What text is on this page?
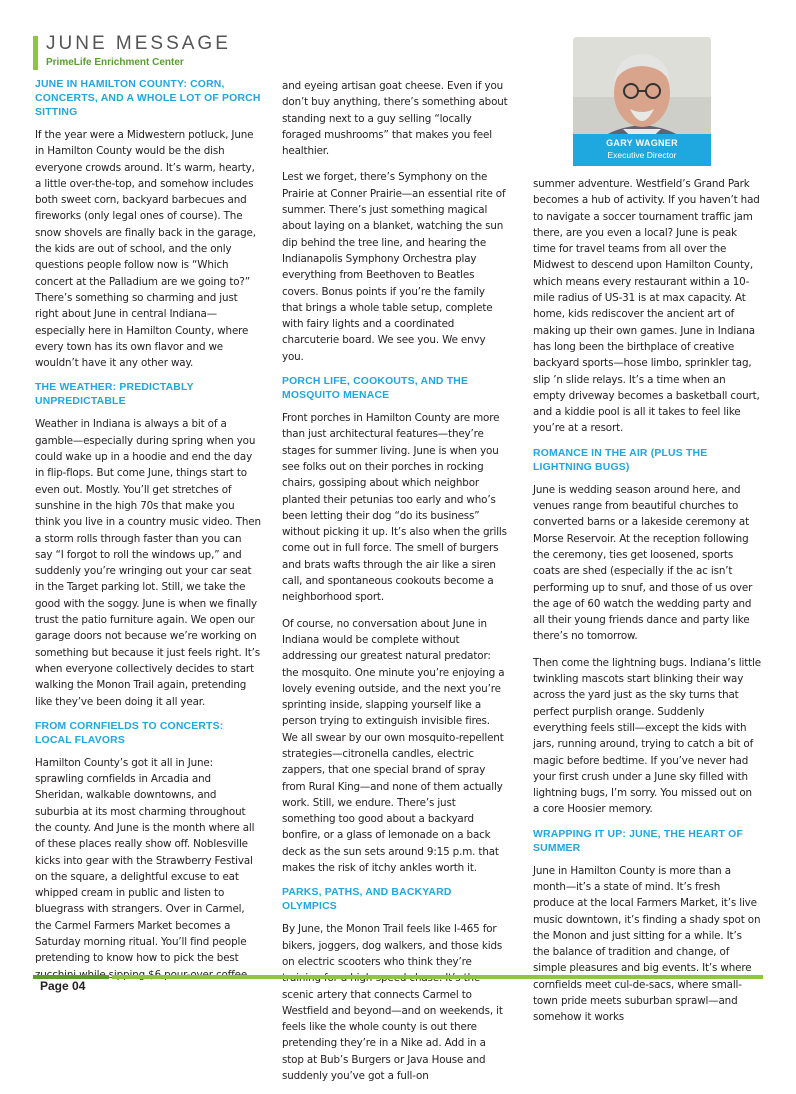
JUNE MESSAGE
PrimeLife Enrichment Center
GARY WAGNER
Executive Director

JUNE IN HAMILTON COUNTY: CORN, CONCERTS, AND A WHOLE LOT OF PORCH SITTING

If the year were a Midwestern potluck, June in Hamilton County would be the dish everyone crowds around. It’s warm, hearty, a little over-the-top, and somehow includes both sweet corn, backyard barbecues and fireworks (only legal ones of course). The snow shovels are finally back in the garage, the kids are out of school, and the only questions people follow now is “Which concert at the Palladium are we going to?” There’s something so charming and just right about June in central Indiana—especially here in Hamilton County, where every town has its own flavor and we wouldn’t have it any other way.

THE WEATHER: PREDICTABLY UNPREDICTABLE

Weather in Indiana is always a bit of a gamble—especially during spring when you could wake up in a hoodie and end the day in flip-flops. But come June, things start to even out. Mostly. You’ll get stretches of sunshine in the high 70s that make you think you live in a country music video. Then a storm rolls through faster than you can say “I forgot to roll the windows up,” and suddenly you’re wringing out your car seat in the Target parking lot. Still, we take the good with the soggy. June is when we finally trust the patio furniture again. We open our garage doors not because we’re working on something but because it just feels right. It’s when everyone collectively decides to start walking the Monon Trail again, pretending like they’ve been doing it all year.

FROM CORNFIELDS TO CONCERTS: LOCAL FLAVORS

Hamilton County’s got it all in June: sprawling cornfields in Arcadia and Sheridan, walkable downtowns, and suburbia at its most charming throughout the county. And June is the month where all of these places really show off. Noblesville kicks into gear with the Strawberry Festival on the square, a delightful excuse to eat whipped cream in public and listen to bluegrass with strangers. Over in Carmel, the Carmel Farmers Market becomes a Saturday morning ritual. You’ll find people pretending to know how to pick the best

and eyeing artisan goat cheese. Even if you don’t buy anything, there’s something about standing next to a guy selling “locally foraged mushrooms” that makes you feel healthier.

Lest we forget, there’s Symphony on the Prairie at Conner Prairie—an essential rite of summer. There’s just something magical about laying on a blanket, watching the sun dip behind the tree line, and hearing the Indianapolis Symphony Orchestra play everything from Beethoven to Beatles covers. Bonus points if you’re the family that brings a whole table setup, complete with fairy lights and a coordinated charcuterie board. We see you. We envy you.

PORCH LIFE, COOKOUTS, AND THE MOSQUITO MENACE

Front porches in Hamilton County are more than just architectural features—they’re stages for summer living. June is when you see folks out on their porches in rocking chairs, gossiping about which neighbor planted their petunias too early and who’s been letting their dog “do its business” without picking it up. It’s also when the grills come out in full force. The smell of burgers and brats wafts through the air like a siren call, and spontaneous cookouts become a neighborhood sport.

Of course, no conversation about June in Indiana would be complete without addressing our greatest natural predator: the mosquito. One minute you’re enjoying a lovely evening outside, and the next you’re sprinting inside, slapping yourself like a person trying to extinguish invisible fires. We all swear by our own mosquito-repellent strategies—citronella candles, electric zappers, that one special brand of spray from Rural King—and none of them actually work. Still, we endure. There’s just something too good about a backyard bonfire, or a glass of lemonade on a back deck as the sun sets around 9:15 p.m. that makes the risk of itchy ankles worth it.

PARKS, PATHS, AND BACKYARD OLYMPICS

By June, the Monon Trail feels like I-465 for bikers, joggers, dog walkers, and those kids on electric scooters who think they’re scenic artery that connects Carmel to Westfield and beyond—and on weekends, it feels like the whole county is out there pretending they’re in a Nike ad. Add in a stop at Bub’s Burgers or Java House and suddenly you’ve got a full-on

summer adventure. Westfield’s Grand Park becomes a hub of activity. If you haven’t had to navigate a soccer tournament traffic jam there, are you even a local? June is peak time for travel teams from all over the Midwest to descend upon Hamilton County, which means every restaurant within a 10-mile radius of US-31 is at max capacity. At home, kids rediscover the ancient art of making up their own games. June in Indiana has long been the birthplace of creative backyard sports—hose limbo, sprinkler tag, slip ’n slide relays. It’s a time when an empty driveway becomes a basketball court, and a kiddie pool is all it takes to feel like you’re at a resort.

ROMANCE IN THE AIR (PLUS THE LIGHTNING BUGS)

June is wedding season around here, and venues range from beautiful churches to converted barns or a lakeside ceremony at Morse Reservoir. At the reception following the ceremony, ties get loosened, sports coats are shed (especially if the ac isn’t performing up to snuf, and those of us over the age of 60 watch the wedding party and all their young friends dance and party like there’s no tomorrow.

Then come the lightning bugs. Indiana’s little twinkling mascots start blinking their way across the yard just as the sky turns that perfect purplish orange. Suddenly everything feels still—except the kids with jars, running around, trying to catch a bit of magic before bedtime. If you’ve never had your first crush under a June sky filled with lightning bugs, I’m sorry. You missed out on a core Hoosier memory.

WRAPPING IT UP: JUNE, THE HEART OF SUMMER

June in Hamilton County is more than a month—it’s a state of mind. It’s fresh produce at the local Farmers Market, it’s live music downtown, it’s finding a shady spot on the Monon and just sitting for a while. It’s the balance of tradition and change, of simple pleasures and big events. It’s where cornfields meet cul-de-sacs, where small-town pride meets suburban sprawl—and somehow it works

Page 04
